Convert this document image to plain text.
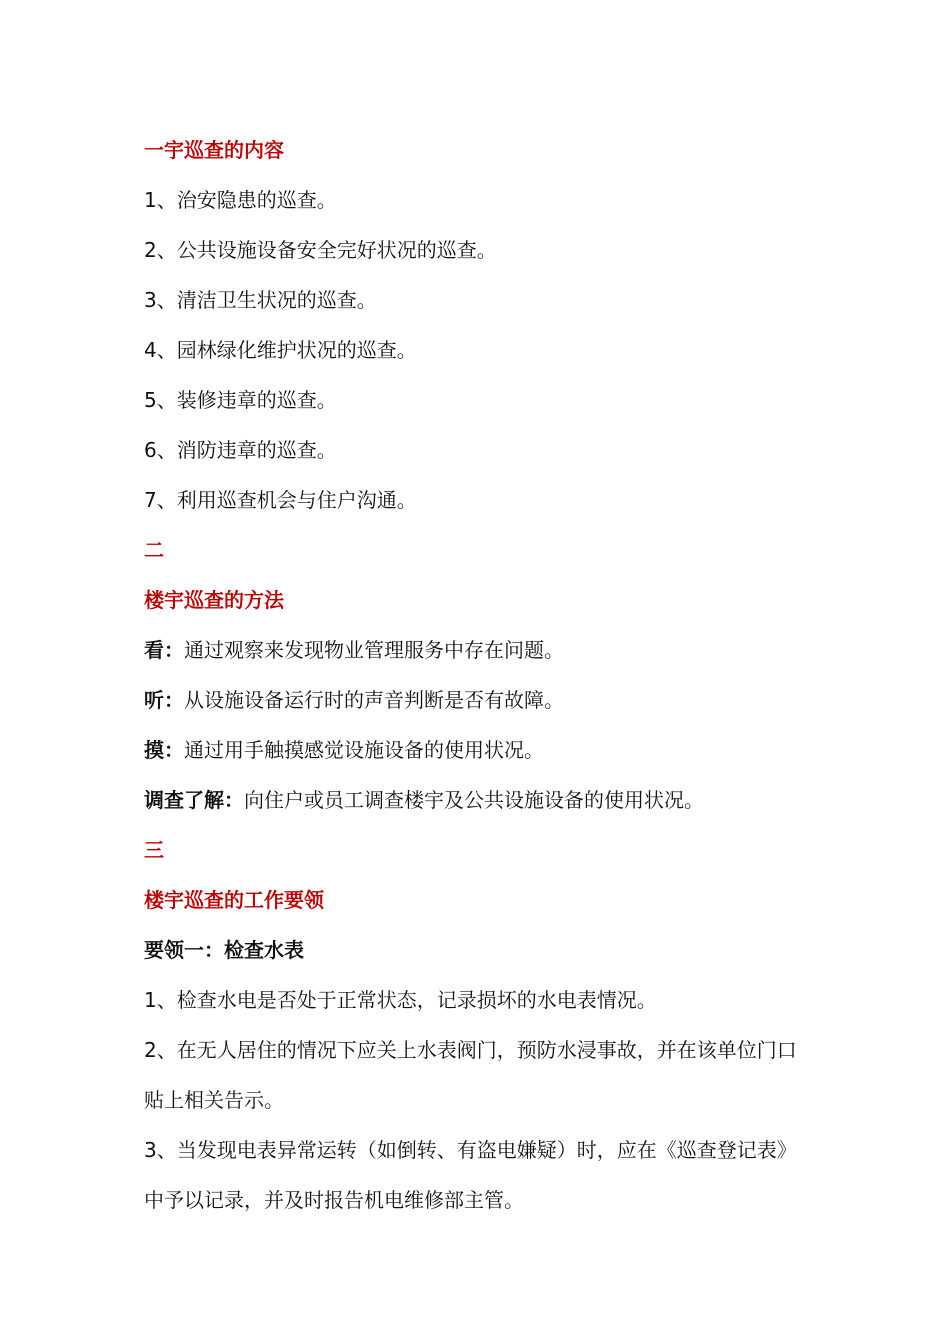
一宇巡查的内容

1、治安隐患的巡查。

2、公共设施设备安全完好状况的巡查。

3、清洁卫生状况的巡查。

4、园林绿化维护状况的巡查。

5、装修违章的巡查。

6、消防违章的巡查。

7、利用巡查机会与住户沟通。

二

楼宇巡查的方法

看：通过观察来发现物业管理服务中存在问题。

听：从设施设备运行时的声音判断是否有故障。

摸：通过用手触摸感觉设施设备的使用状况。

调查了解：向住户或员工调查楼宇及公共设施设备的使用状况。

三

楼宇巡查的工作要领

要领一：检查水表

1、检查水电是否处于正常状态，记录损坏的水电表情况。

2、在无人居住的情况下应关上水表阀门，预防水浸事故，并在该单位门口贴上相关告示。

3、当发现电表异常运转（如倒转、有盗电嫌疑）时，应在《巡查登记表》中予以记录，并及时报告机电维修部主管。
